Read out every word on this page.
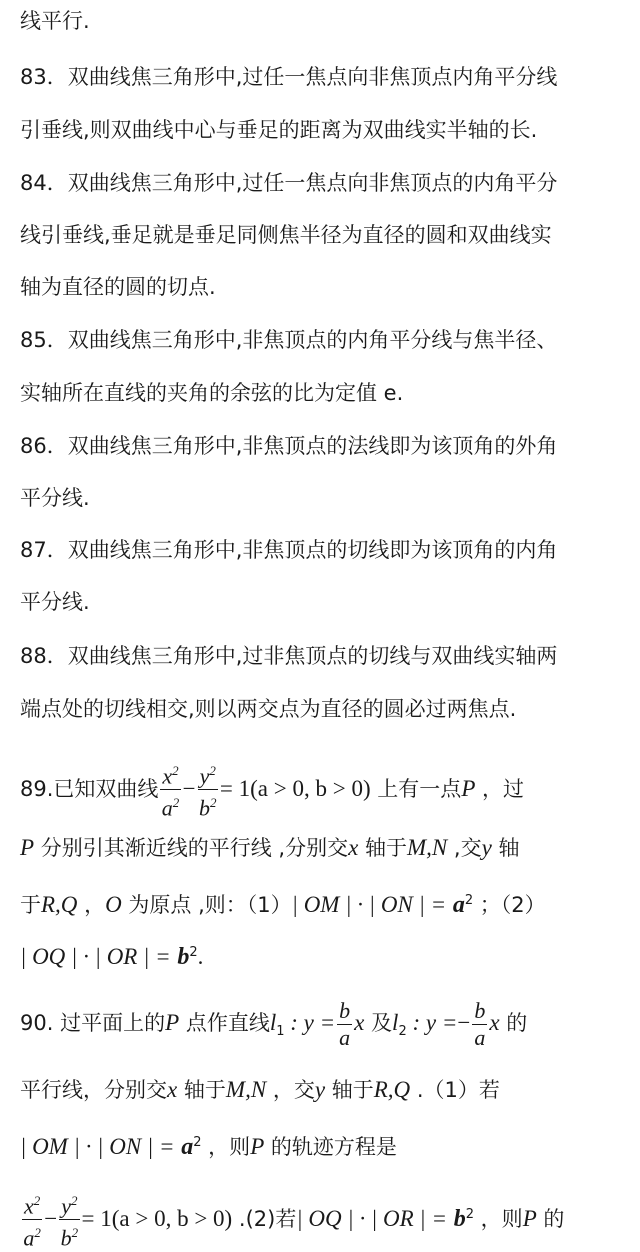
线平行.
83．双曲线焦三角形中,过任一焦点向非焦顶点内角平分线
引垂线,则双曲线中心与垂足的距离为双曲线实半轴的长.
84．双曲线焦三角形中,过任一焦点向非焦顶点的内角平分
线引垂线,垂足就是垂足同侧焦半径为直径的圆和双曲线实
轴为直径的圆的切点.
85．双曲线焦三角形中,非焦顶点的内角平分线与焦半径、
实轴所在直线的夹角的余弦的比为定值 e.
86．双曲线焦三角形中,非焦顶点的法线即为该顶角的外角
平分线.
87．双曲线焦三角形中,非焦顶点的切线即为该顶角的内角
平分线.
88．双曲线焦三角形中,过非焦顶点的切线与双曲线实轴两
端点处的切线相交,则以两交点为直径的圆必过两焦点.
89.已知双曲线 $\frac{x^2}{a^2} - \frac{y^2}{b^2} = 1(a > 0$, b > 0) 上有一点P ，过
P 分别引其渐近线的平行线 ,分别交x 轴于M,N ,交y 轴
于R,Q ，O 为原点 ,则：（1）| OM | · | ON | = $a^2$ ；（2）
| OQ | · | OR | = $b^2$.
90. 过平面上的P 点作直线$l_1$ : $y = \frac{b}{a}$ x 及$l_2$ : $y =- \frac{b}{a}$ x 的
平行线，分别交x 轴于M,N ，交y 轴于R,Q .（1）若
| OM | · | ON | = $a^2$ ，则P 的轨迹方程是
$\frac{x^2}{a^2} - \frac{y^2}{b^2} = 1(a > 0$, b > 0) .(2)若| OQ | · | OR | = $b^2$ ，则P 的
